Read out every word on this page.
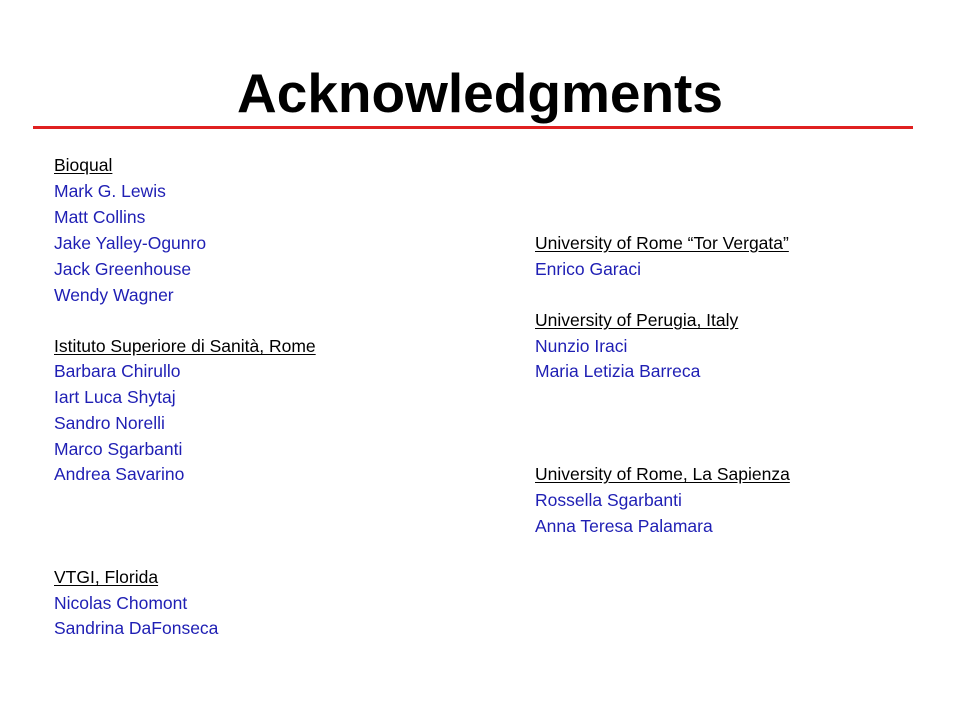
Acknowledgments
Bioqual
Mark G. Lewis
Matt Collins
Jake Yalley-Ogunro
Jack Greenhouse
Wendy Wagner
Istituto Superiore di Sanità, Rome
Barbara Chirullo
Iart Luca Shytaj
Sandro Norelli
Marco Sgarbanti
Andrea Savarino
VTGI, Florida
Nicolas Chomont
Sandrina DaFonseca
University of Rome “Tor Vergata”
Enrico Garaci
University of Perugia, Italy
Nunzio Iraci
Maria Letizia Barreca
University of Rome, La Sapienza
Rossella Sgarbanti
Anna Teresa Palamara
